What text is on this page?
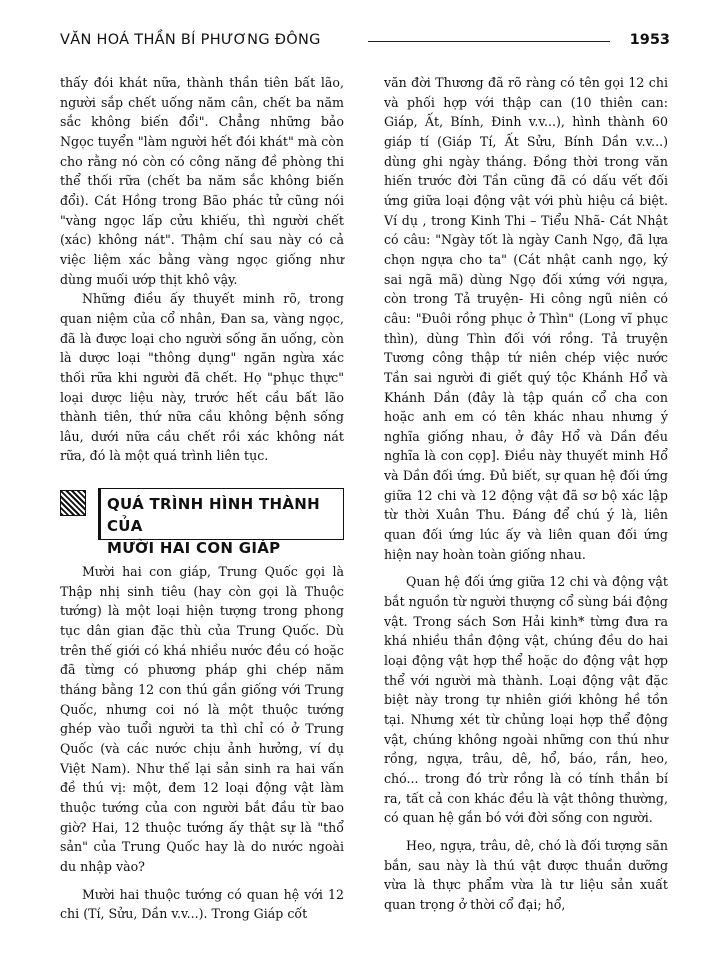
VĂN HOÁ THẦN BÍ PHƯƠNG ĐÔNG	1953

thấy đói khát nữa, thành thần tiên bất lão, người sắp chết uống năm cân, chết ba năm sắc không biến đổi". Chẳng những bảo Ngọc tuyển "làm người hết đói khát" mà còn cho rằng nó còn có công năng đề phòng thi thể thối rữa (chết ba năm sắc không biến đổi). Cát Hồng trong Bão phác tử cũng nói "vàng ngọc lấp cửu khiếu, thì người chết (xác) không nát". Thậm chí sau này có cả việc liệm xác bằng vàng ngọc giống như dùng muối ướp thịt khô vậy.

Những điều ấy thuyết minh rõ, trong quan niệm của cổ nhân, Đan sa, vàng ngọc, đã là được loại cho người sống ăn uống, còn là dược loại "thông dụng" ngăn ngừa xác thối rữa khi người đã chết. Họ "phục thực" loại dược liệu này, trước hết cầu bất lão thành tiên, thứ nữa cầu không bệnh sống lâu, dưới nữa cầu chết rồi xác không nát rữa, đó là một quá trình liên tục.

QUÁ TRÌNH HÌNH THÀNH CỦA
MƯỜI HAI CON GIÁP

Mười hai con giáp, Trung Quốc gọi là Thập nhị sinh tiêu (hay còn gọi là Thuộc tướng) là một loại hiện tượng trong phong tục dân gian đặc thù của Trung Quốc. Dù trên thế giới có khá nhiều nước đều có hoặc đã từng có phương pháp ghi chép năm tháng bằng 12 con thú gần giống với Trung Quốc, nhưng coi nó là một thuộc tướng ghép vào tuổi người ta thì chỉ có ở Trung Quốc (và các nước chịu ảnh hưởng, ví dụ Việt Nam). Như thế lại sản sinh ra hai vấn đề thú vị: một, đem 12 loại động vật làm thuộc tướng của con người bắt đầu từ bao giờ? Hai, 12 thuộc tướng ấy thật sự là "thổ sản" của Trung Quốc hay là do nước ngoài du nhập vào?

Mười hai thuộc tướng có quan hệ với 12 chi (Tí, Sửu, Dần v.v...). Trong Giáp cốt

văn đời Thương đã rõ ràng có tên gọi 12 chi và phối hợp với thập can (10 thiên can: Giáp, Ất, Bính, Đinh v.v...), hình thành 60 giáp tí (Giáp Tí, Ất Sửu, Bính Dần v.v...) dùng ghi ngày tháng. Đồng thời trong văn hiến trước đời Tần cũng đã có dấu vết đối ứng giữa loại động vật với phù hiệu cá biệt. Ví dụ , trong Kinh Thi – Tiểu Nhã- Cát Nhật có câu: "Ngày tốt là ngày Canh Ngọ, đã lựa chọn ngựa cho ta" (Cát nhật canh ngọ, ký sai ngã mã) dùng Ngọ đối xứng với ngựa, còn trong Tả truyện- Hi công ngũ niên có câu: "Đuôi rồng phục ở Thìn" (Long vĩ phục thìn), dùng Thìn đối với rồng. Tả truyện Tương công thập tứ niên chép việc nước Tần sai người đi giết quý tộc Khánh Hổ và Khánh Dần (đây là tập quán cổ cha con hoặc anh em có tên khác nhau nhưng ý nghĩa giống nhau, ở đây Hổ và Dần đều nghĩa là con cọp]. Điều này thuyết minh Hổ và Dần đối ứng. Đủ biết, sự quan hệ đối ứng giữa 12 chi và 12 động vật đã sơ bộ xác lập từ thời Xuân Thu. Đáng để chú ý là, liên quan đối ứng lúc ấy và liên quan đối ứng hiện nay hoàn toàn giống nhau.

Quan hệ đối ứng giữa 12 chi và động vật bắt nguồn từ người thượng cổ sùng bái động vật. Trong sách Sơn Hải kinh* từng đưa ra khá nhiều thần động vật, chúng đều do hai loại động vật hợp thể hoặc do động vật hợp thể với người mà thành. Loại động vật đặc biệt này trong tự nhiên giới không hề tồn tại. Nhưng xét từ chủng loại hợp thể động vật, chúng không ngoài những con thú như rồng, ngựa, trâu, dê, hổ, báo, rắn, heo, chó... trong đó trừ rồng là có tính thần bí ra, tất cả con khác đều là vật thông thường, có quan hệ gắn bó với đời sống con người.

Heo, ngựa, trâu, dê, chó là đối tượng săn bắn, sau này là thú vật được thuần dưỡng vừa là thực phẩm vừa là tư liệu sản xuất quan trọng ở thời cổ đại; hổ,
